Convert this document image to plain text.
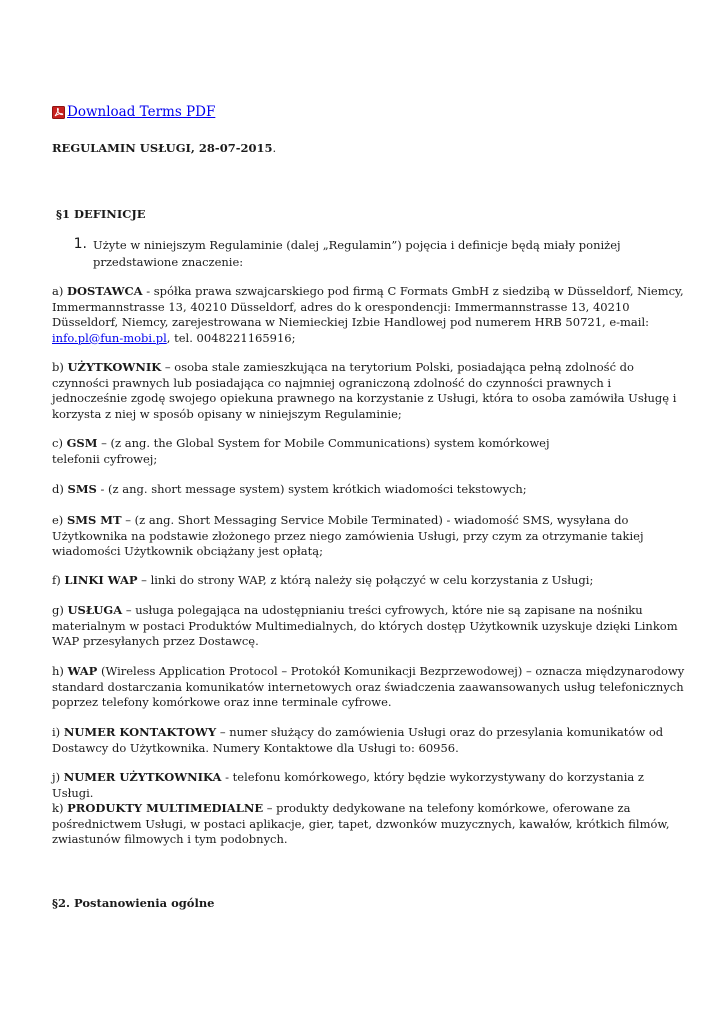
Download Terms PDF
REGULAMIN USŁUGI, 28-07-2015.
§1 DEFINICJE
1. Użyte w niniejszym Regulaminie (dalej „Regulamin”) pojęcia i definicje będą miały poniżej przedstawione znaczenie:
a) DOSTAWCA - spółka prawa szwajcarskiego pod firmą C Formats GmbH z siedzibą w Düsseldorf, Niemcy, Immermannstrasse 13, 40210 Düsseldorf, adres do k orespondencji: Immermannstrasse 13, 40210 Düsseldorf, Niemcy, zarejestrowana w Niemieckiej Izbie Handlowej pod numerem HRB 50721, e-mail: info.pl@fun-mobi.pl, tel. 0048221165916;
b) UŻYTKOWNIK – osoba stale zamieszkująca na terytorium Polski, posiadająca pełną zdolność do czynności prawnych lub posiadająca co najmniej ograniczoną zdolność do czynności prawnych i jednocześnie zgodę swojego opiekuna prawnego na korzystanie z Usługi, która to osoba zamówiła Usługę i korzysta z niej w sposób opisany w niniejszym Regulaminie;
c) GSM – (z ang. the Global System for Mobile Communications) system komórkowej
telefonii cyfrowej;
d) SMS - (z ang. short message system) system krótkich wiadomości tekstowych;
e) SMS MT – (z ang. Short Messaging Service Mobile Terminated) - wiadomość SMS, wysyłana do Użytkownika na podstawie złożonego przez niego zamówienia Usługi, przy czym za otrzymanie takiej wiadomości Użytkownik obciążany jest opłatą;
f) LINKI WAP – linki do strony WAP, z którą należy się połączyć w celu korzystania z Usługi;
g) USŁUGA – usługa polegająca na udostępnianiu treści cyfrowych, które nie są zapisane na nośniku materialnym w postaci Produktów Multimedialnych, do których dostęp Użytkownik uzyskuje dzięki Linkom WAP przesyłanych przez Dostawcę.
h) WAP (Wireless Application Protocol – Protokół Komunikacji Bezprzewodowej) – oznacza międzynarodowy standard dostarczania komunikatów internetowych oraz świadczenia zaawansowanych usług telefonicznych poprzez telefony komórkowe oraz inne terminale cyfrowe.
i) NUMER KONTAKTOWY – numer służący do zamówienia Usługi oraz do przesylania komunikatów od Dostawcy do Użytkownika. Numery Kontaktowe dla Usługi to: 60956.
j) NUMER UŻYTKOWNIKA - telefonu komórkowego, który będzie wykorzystywany do korzystania z Usługi.
k) PRODUKTY MULTIMEDIALNE – produkty dedykowane na telefony komórkowe, oferowane za pośrednictwem Usługi, w postaci aplikacje, gier, tapet, dzwonków muzycznych, kawałów, krótkich filmów, zwiastunów filmowych i tym podobnych.
§2. Postanowienia ogólne
